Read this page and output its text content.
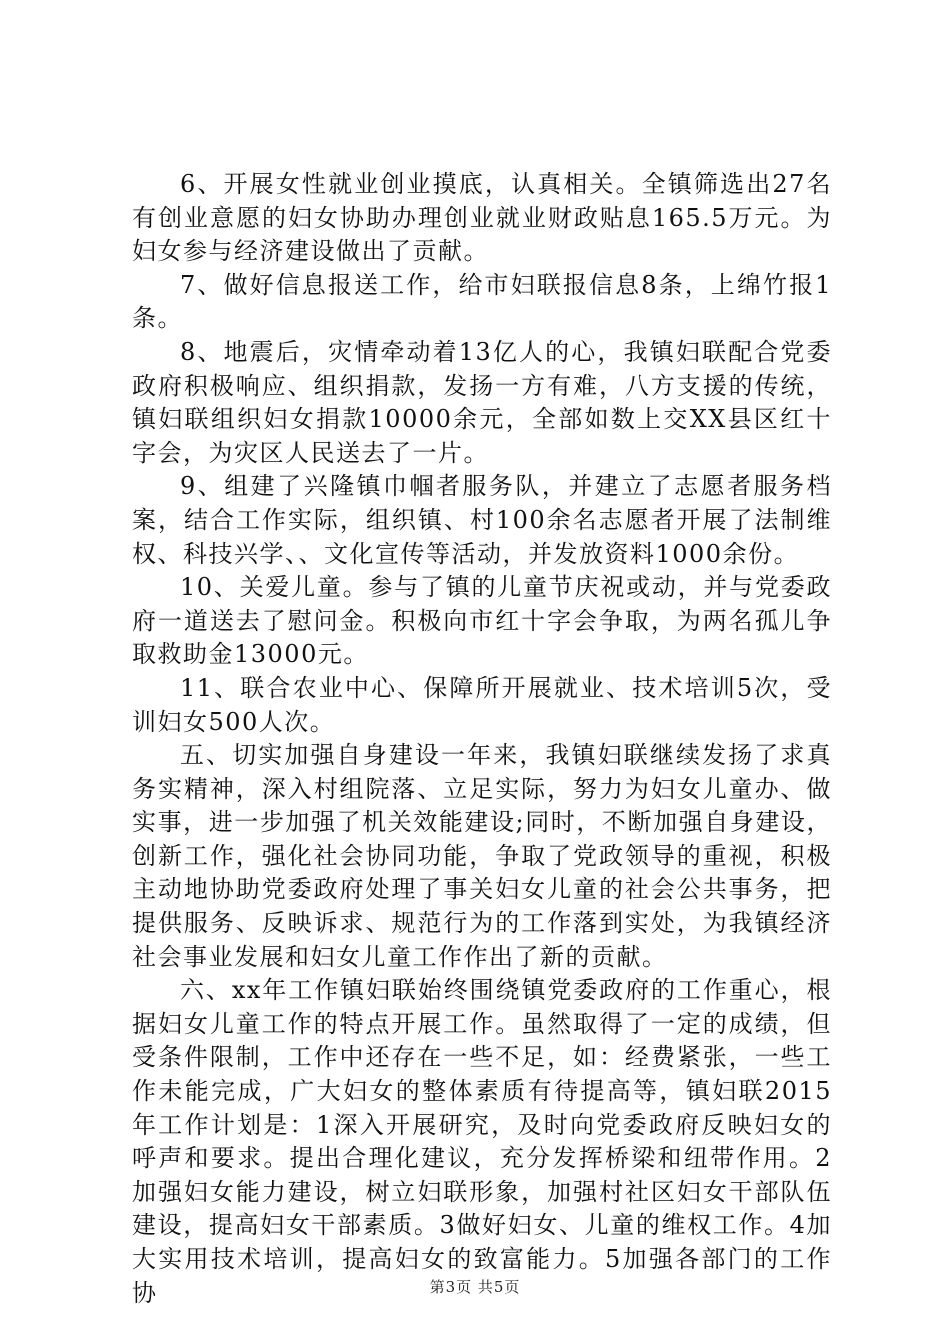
6、开展女性就业创业摸底，认真相关。全镇筛选出27名有创业意愿的妇女协助办理创业就业财政贴息165.5万元。为妇女参与经济建设做出了贡献。

7、做好信息报送工作，给市妇联报信息8条，上绵竹报1条。

8、地震后，灾情牵动着13亿人的心，我镇妇联配合党委政府积极响应、组织捐款，发扬一方有难，八方支援的传统，镇妇联组织妇女捐款10000余元，全部如数上交XX县区红十字会，为灾区人民送去了一片。

9、组建了兴隆镇巾帼者服务队，并建立了志愿者服务档案，结合工作实际，组织镇、村100余名志愿者开展了法制维权、科技兴学、、文化宣传等活动，并发放资料1000余份。

10、关爱儿童。参与了镇的儿童节庆祝或动，并与党委政府一道送去了慰问金。积极向市红十字会争取，为两名孤儿争取救助金13000元。

11、联合农业中心、保障所开展就业、技术培训5次，受训妇女500人次。

五、切实加强自身建设一年来，我镇妇联继续发扬了求真务实精神，深入村组院落、立足实际，努力为妇女儿童办、做实事，进一步加强了机关效能建设;同时，不断加强自身建设，创新工作，强化社会协同功能，争取了党政领导的重视，积极主动地协助党委政府处理了事关妇女儿童的社会公共事务，把提供服务、反映诉求、规范行为的工作落到实处，为我镇经济社会事业发展和妇女儿童工作作出了新的贡献。

六、xx年工作镇妇联始终围绕镇党委政府的工作重心，根据妇女儿童工作的特点开展工作。虽然取得了一定的成绩，但受条件限制，工作中还存在一些不足，如：经费紧张，一些工作未能完成，广大妇女的整体素质有待提高等，镇妇联2015年工作计划是：1深入开展研究，及时向党委政府反映妇女的呼声和要求。提出合理化建议，充分发挥桥梁和纽带作用。2加强妇女能力建设，树立妇联形象，加强村社区妇女干部队伍建设，提高妇女干部素质。3做好妇女、儿童的维权工作。4加大实用技术培训，提高妇女的致富能力。5加强各部门的工作协	第3页 共5页
